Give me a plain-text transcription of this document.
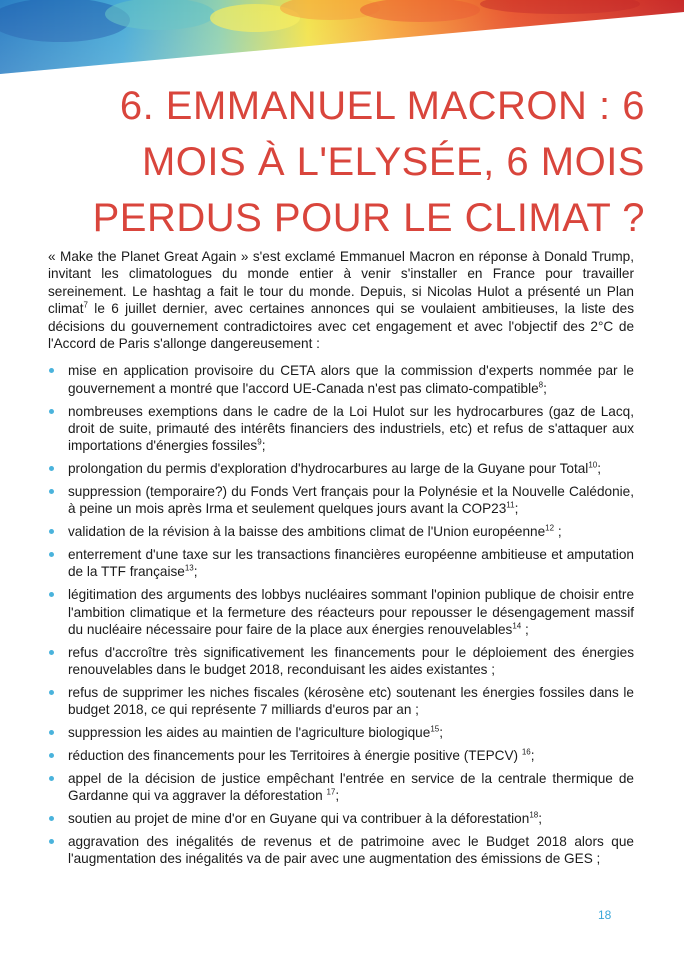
6. EMMANUEL MACRON : 6
MOIS À L'ELYSÉE, 6 MOIS
PERDUS POUR LE CLIMAT ?

« Make the Planet Great Again » s'est exclamé Emmanuel Macron en réponse à Donald Trump, invitant les climatologues du monde entier à venir s'installer en France pour travailler sereinement. Le hashtag a fait le tour du monde. Depuis, si Nicolas Hulot a présenté un Plan climat$^7$ le 6 juillet dernier, avec certaines annonces qui se voulaient ambitieuses, la liste des décisions du gouvernement contradictoires avec cet engagement et avec l'objectif des 2°C de l'Accord de Paris s'allonge dangereusement :

mise en application provisoire du CETA alors que la commission d'experts nommée par le gouvernement a montré que l'accord UE-Canada n'est pas climato-compatible$^8$;
nombreuses exemptions dans le cadre de la Loi Hulot sur les hydrocarbures (gaz de Lacq, droit de suite, primauté des intérêts financiers des industriels, etc) et refus de s'attaquer aux importations d'énergies fossiles$^9$;
prolongation du permis d'exploration d'hydrocarbures au large de la Guyane pour Total$^{10}$;
suppression (temporaire?) du Fonds Vert français pour la Polynésie et la Nouvelle Calédonie, à peine un mois après Irma et seulement quelques jours avant la $COP23^{11}$;
validation de la révision à la baisse des ambitions climat de l'Union européenne$^{12}$ ;
enterrement d'une taxe sur les transactions financières européenne ambitieuse et amputation de la TTF française$^{13}$;
légitimation des arguments des lobbys nucléaires sommant l'opinion publique de choisir entre l'ambition climatique et la fermeture des réacteurs pour repousser le désengagement massif du nucléaire nécessaire pour faire de la place aux énergies renouvelables$^{14}$ ;
refus d'accroître très significativement les financements pour le déploiement des énergies renouvelables dans le budget 2018, reconduisant les aides existantes ;
refus de supprimer les niches fiscales (kérosène etc) soutenant les énergies fossiles dans le budget 2018, ce qui représente 7 milliards d'euros par an ;
suppression les aides au maintien de l'agriculture biologique$^{15}$;
réduction des financements pour les Territoires à énergie positive (TEPCV) $^{16}$;
appel de la décision de justice empêchant l'entrée en service de la centrale thermique de Gardanne qui va aggraver la déforestation $^{17}$;
soutien au projet de mine d'or en Guyane qui va contribuer à la déforestation$^{18}$;
aggravation des inégalités de revenus et de patrimoine avec le Budget 2018 alors que l'augmentation des inégalités va de pair avec une augmentation des émissions de GES ;
18
